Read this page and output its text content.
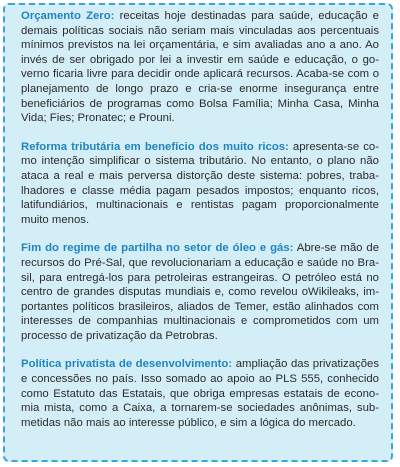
Orçamento Zero: receitas hoje destinadas para saúde, educação e demais políticas sociais não seriam mais vinculadas aos percentuais mínimos previstos na lei orçamentária, e sim avaliadas ano a ano. Ao invés de ser obrigado por lei a investir em saúde e educação, o governo ficaria livre para decidir onde aplicará recursos. Acaba-se com o planejamento de longo prazo e cria-se enorme insegurança entre beneficiários de programas como Bolsa Família; Minha Casa, Minha Vida; Fies; Pronatec; e Prouni.

Reforma tributária em benefício dos muito ricos: apresenta-se como intenção simplificar o sistema tributário. No entanto, o plano não ataca a real e mais perversa distorção deste sistema: pobres, trabalhadores e classe média pagam pesados impostos; enquanto ricos, latifundiários, multinacionais e rentistas pagam proporcionalmente muito menos.

Fim do regime de partilha no setor de óleo e gás: Abre-se mão de recursos do Pré-Sal, que revolucionariam a educação e saúde no Brasil, para entregá-los para petroleiras estrangeiras. O petróleo está no centro de grandes disputas mundiais e, como revelou oWikileaks, importantes políticos brasileiros, aliados de Temer, estão alinhados com interesses de companhias multinacionais e comprometidos com um processo de privatização da Petrobras.

Política privatista de desenvolvimento: ampliação das privatizações e concessões no país. Isso somado ao apoio ao PLS 555, conhecido como Estatuto das Estatais, que obriga empresas estatais de economia mista, como a Caixa, a tornarem-se sociedades anônimas, submetidas não mais ao interesse público, e sim a lógica do mercado.
